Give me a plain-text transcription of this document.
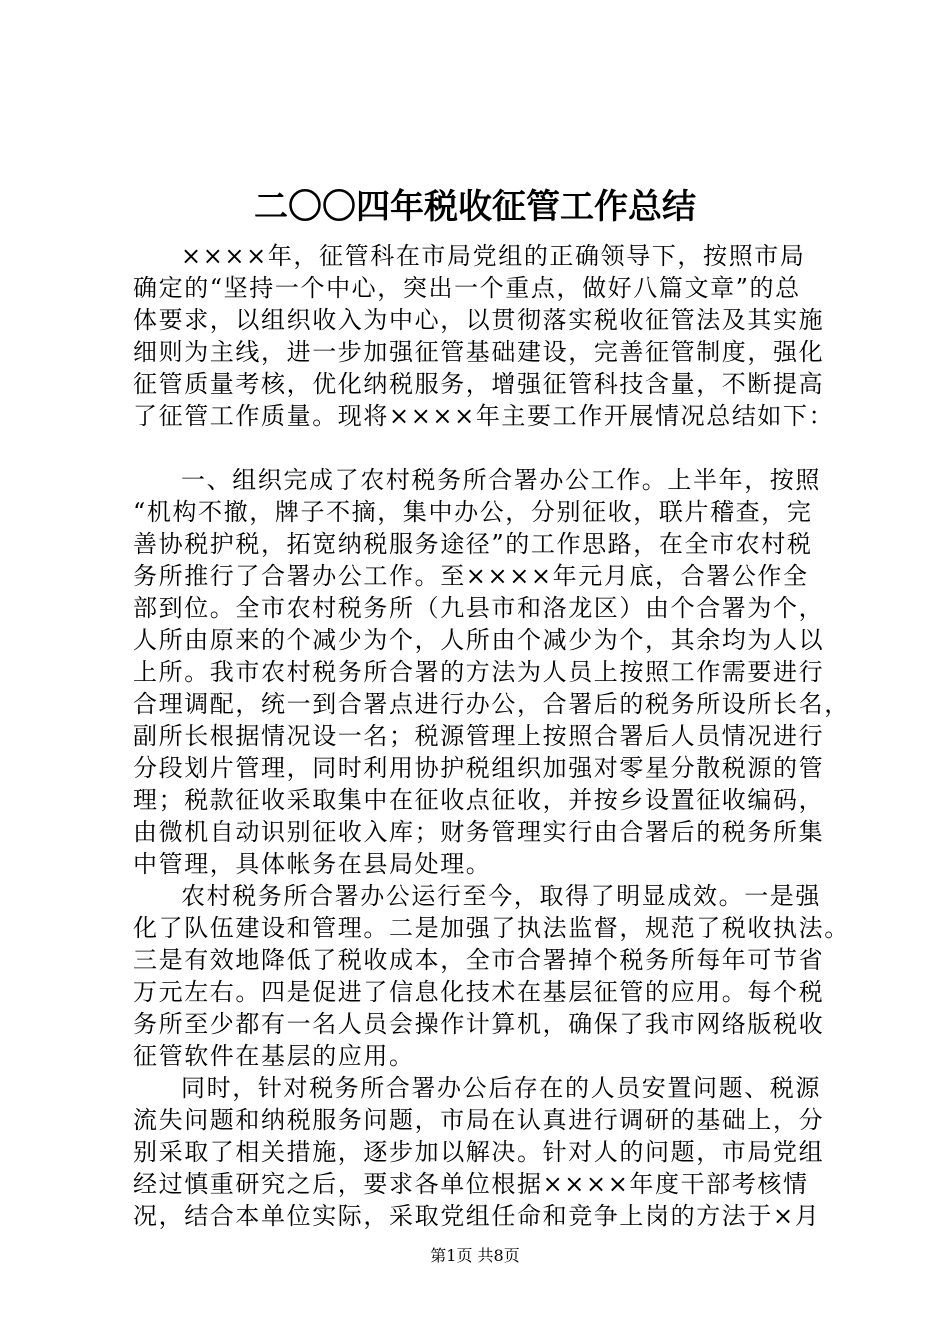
二〇〇四年税收征管工作总结
××××年，征管科在市局党组的正确领导下，按照市局
确定的“坚持一个中心，突出一个重点，做好八篇文章”的总
体要求，以组织收入为中心，以贯彻落实税收征管法及其实施
细则为主线，进一步加强征管基础建设，完善征管制度，强化
征管质量考核，优化纳税服务，增强征管科技含量，不断提高
了征管工作质量。现将××××年主要工作开展情况总结如下：
一、组织完成了农村税务所合署办公工作。上半年，按照
“机构不撤，牌子不摘，集中办公，分别征收，联片稽查，完
善协税护税，拓宽纳税服务途径”的工作思路，在全市农村税
务所推行了合署办公工作。至××××年元月底，合署公作全
部到位。全市农村税务所（九县市和洛龙区）由个合署为个，
人所由原来的个减少为个，人所由个减少为个，其余均为人以
上所。我市农村税务所合署的方法为人员上按照工作需要进行
合理调配，统一到合署点进行办公，合署后的税务所设所长名，
副所长根据情况设一名；税源管理上按照合署后人员情况进行
分段划片管理，同时利用协护税组织加强对零星分散税源的管
理；税款征收采取集中在征收点征收，并按乡设置征收编码，
由微机自动识别征收入库；财务管理实行由合署后的税务所集
中管理，具体帐务在县局处理。
农村税务所合署办公运行至今，取得了明显成效。一是强
化了队伍建设和管理。二是加强了执法监督，规范了税收执法。
三是有效地降低了税收成本，全市合署掉个税务所每年可节省
万元左右。四是促进了信息化技术在基层征管的应用。每个税
务所至少都有一名人员会操作计算机，确保了我市网络版税收
征管软件在基层的应用。
同时，针对税务所合署办公后存在的人员安置问题、税源
流失问题和纳税服务问题，市局在认真进行调研的基础上，分
别采取了相关措施，逐步加以解决。针对人的问题，市局党组
经过慎重研究之后，要求各单位根据××××年度干部考核情
况，结合本单位实际，采取党组任命和竞争上岗的方法于×月
第1页 共8页
